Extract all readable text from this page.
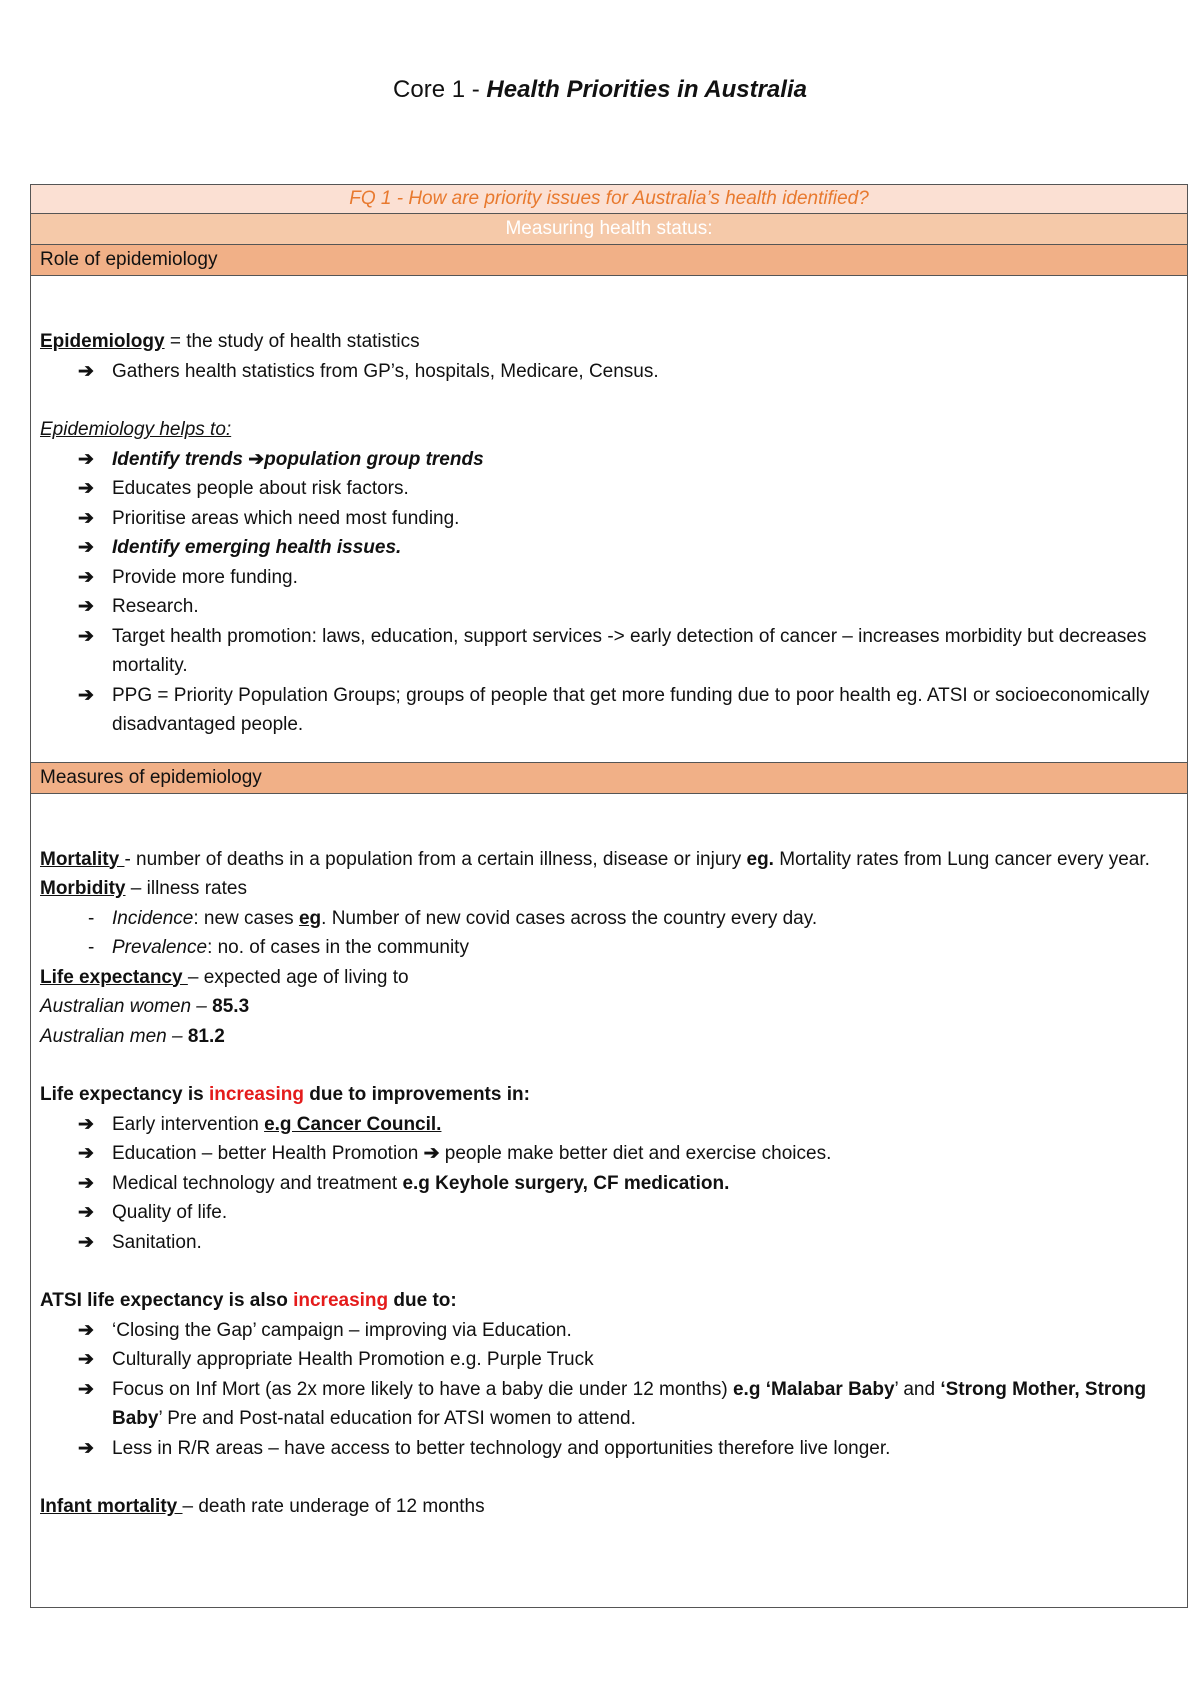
Core 1 - Health Priorities in Australia
FQ 1 - How are priority issues for Australia’s health identified?
Measuring health status:
Role of epidemiology

Epidemiology = the study of health statistics

➔ Gathers health statistics from GP’s, hospitals, Medicare, Census.

Epidemiology helps to:

➔ Identify trends ➔population group trends

➔ Educates people about risk factors.

➔ Prioritise areas which need most funding.

➔ Identify emerging health issues.

➔ Provide more funding.

➔ Research.

➔ Target health promotion: laws, education, support services -> early detection of cancer – increases morbidity but decreases mortality.

➔ PPG = Priority Population Groups; groups of people that get more funding due to poor health eg. ATSI or socioeconomically disadvantaged people.

Measures of epidemiology

Mortality - number of deaths in a population from a certain illness, disease or injury eg. Mortality rates from Lung cancer every year.

Morbidity – illness rates

- Incidence: new cases eg. Number of new covid cases across the country every day.

- Prevalence: no. of cases in the community

Life expectancy – expected age of living to

Australian women – 85.3

Australian men – 81.2

Life expectancy is increasing due to improvements in:

➔ Early intervention e.g Cancer Council.

➔ Education – better Health Promotion ➔ people make better diet and exercise choices.

➔ Medical technology and treatment e.g Keyhole surgery, CF medication.

➔ Quality of life.

➔ Sanitation.

ATSI life expectancy is also increasing due to:

➔ ‘Closing the Gap’ campaign – improving via Education.

➔ Culturally appropriate Health Promotion e.g. Purple Truck

➔ Focus on Inf Mort (as 2x more likely to have a baby die under 12 months) e.g ‘Malabar Baby’ and ‘Strong Mother, Strong Baby’ Pre and Post-natal education for ATSI women to attend.

➔ Less in R/R areas – have access to better technology and opportunities therefore live longer.

Infant mortality – death rate underage of 12 months
